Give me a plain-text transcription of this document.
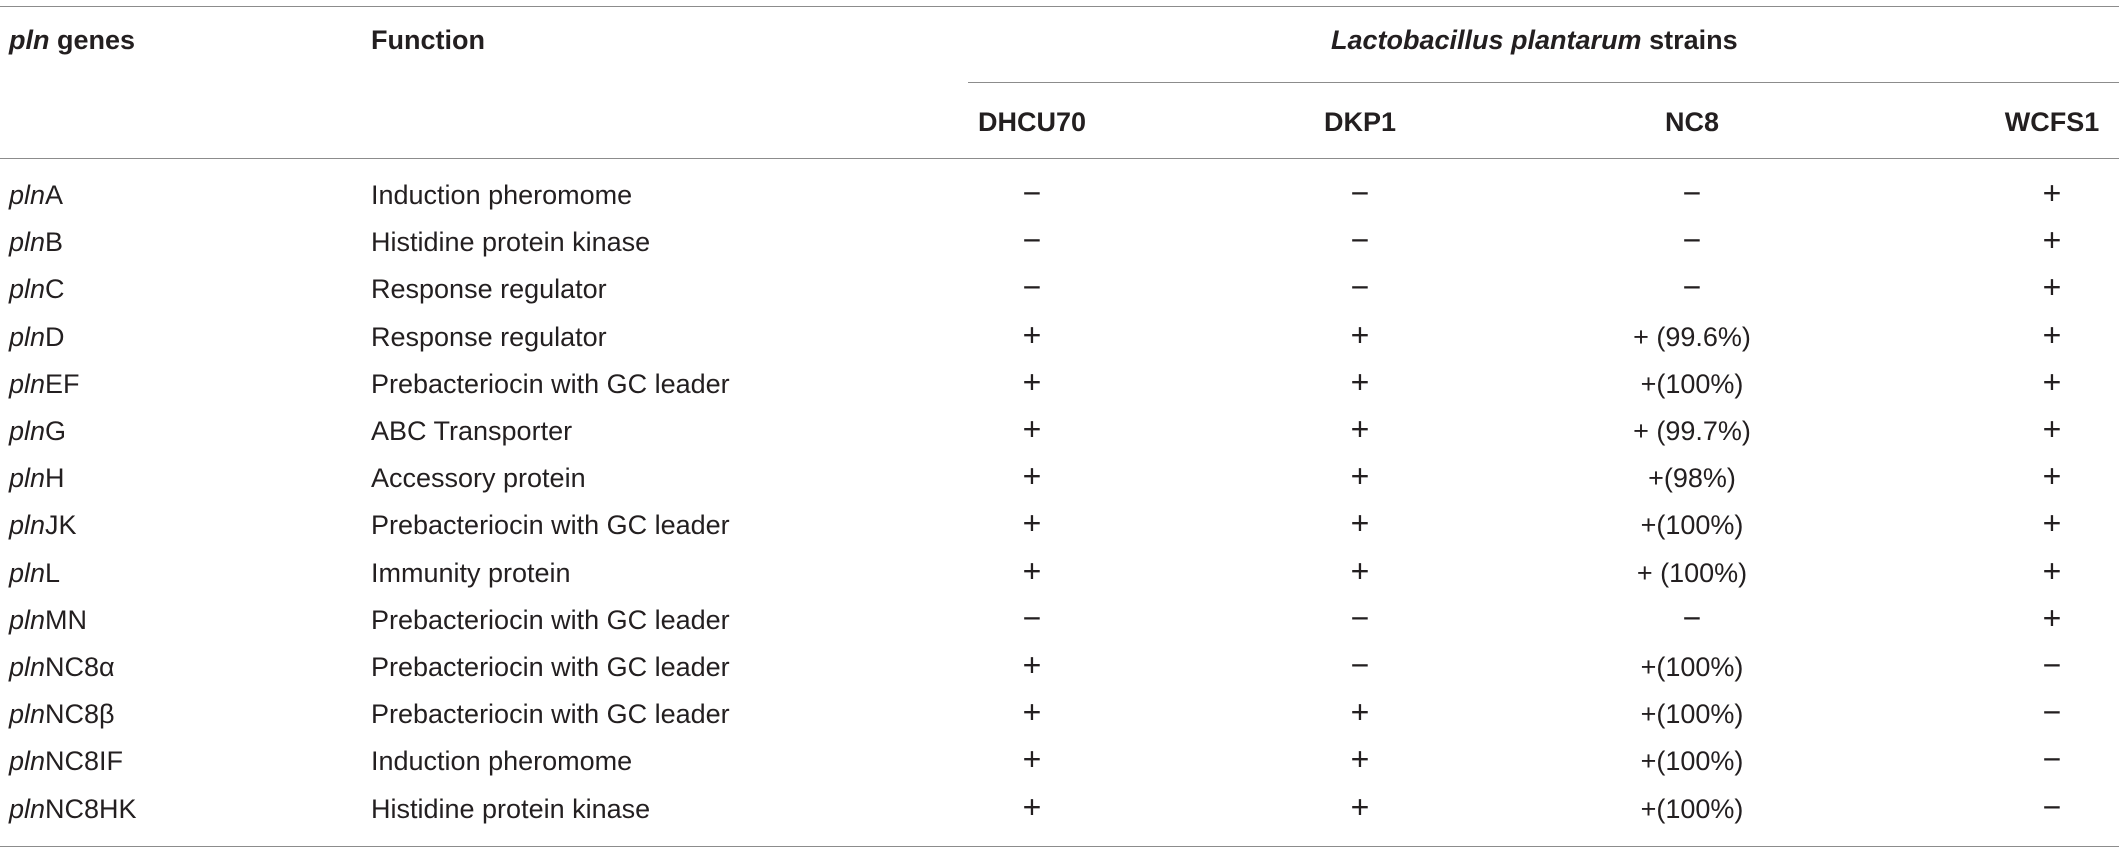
pln genes	Function	Lactobacillus plantarum strains
DHCU70	DKP1	NC8	WCFS1
plnA	Induction pheromome	−	−	−	+
plnB	Histidine protein kinase	−	−	−	+
plnC	Response regulator	−	−	−	+
plnD	Response regulator	+	+	+ (99.6%)	+
plnEF	Prebacteriocin with GC leader	+	+	+(100%)	+
plnG	ABC Transporter	+	+	+ (99.7%)	+
plnH	Accessory protein	+	+	+(98%)	+
plnJK	Prebacteriocin with GC leader	+	+	+(100%)	+
plnL	Immunity protein	+	+	+ (100%)	+
plnMN	Prebacteriocin with GC leader	−	−	−	+
plnNC8α	Prebacteriocin with GC leader	+	−	+(100%)	−
plnNC8β	Prebacteriocin with GC leader	+	+	+(100%)	−
plnNC8IF	Induction pheromome	+	+	+(100%)	−
plnNC8HK	Histidine protein kinase	+	+	+(100%)	−
